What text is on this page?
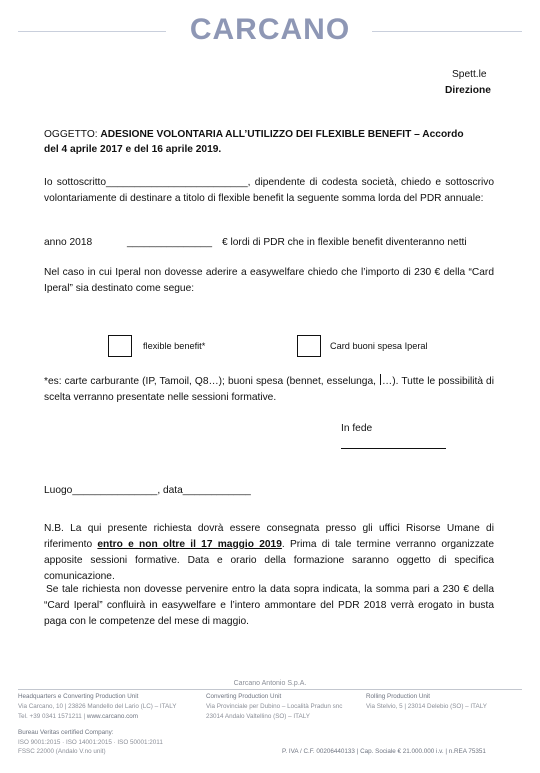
CARCANO
Spett.le
Direzione
OGGETTO: ADESIONE VOLONTARIA ALL’UTILIZZO DEI FLEXIBLE BENEFIT – Accordo
del 4 aprile 2017 e del 16 aprile 2019.
Io sottoscritto_________________________, dipendente di codesta società, chiedo e sottoscrivo volontariamente di destinare a titolo di flexible benefit la seguente somma lorda del PDR annuale:
anno 2018	_______________ € lordi di PDR che in flexible benefit diventeranno netti
Nel caso in cui Iperal non dovesse aderire a easywelfare chiedo che l’importo di 230 € della “Card Iperal” sia destinato come segue:
flexible benefit*	Card buoni spesa Iperal
*es: carte carburante (IP, Tamoil, Q8…); buoni spesa (bennet, esselunga, …). Tutte le possibilità di scelta verranno presentate nelle sessioni formative.
In fede
Luogo_______________, data____________
N.B. La qui presente richiesta dovrà essere consegnata presso gli uffici Risorse Umane di riferimento entro e non oltre il 17 maggio 2019. Prima di tale termine verranno organizzate apposite sessioni formative. Data e orario della formazione saranno oggetto di specifica comunicazione.
Se tale richiesta non dovesse pervenire entro la data sopra indicata, la somma pari a 230 € della “Card Iperal” confluirà in easywelfare e l’intero ammontare del PDR 2018 verrà erogato in busta paga con le competenze del mese di maggio.
Carcano Antonio S.p.A.
Headquarters e Converting Production Unit
Via Carcano, 10 | 23826 Mandello del Lario (LC) – ITALY
Tel. +39 0341 1571211 | www.carcano.com
Converting Production Unit
Via Provinciale per Dubino – Località Pradun snc
23014 Andalo Valtellino (SO) – ITALY
Rolling Production Unit
Via Stelvio, 5 | 23014 Delebio (SO) – ITALY
Bureau Veritas certified Company:
ISO 9001:2015 · ISO 14001:2015 · ISO 50001:2011
FSSC 22000 (Andalo V.no unit)	P. IVA / C.F. 00206440133 | Cap. Sociale € 21.000.000 i.v. | n.REA 75351
